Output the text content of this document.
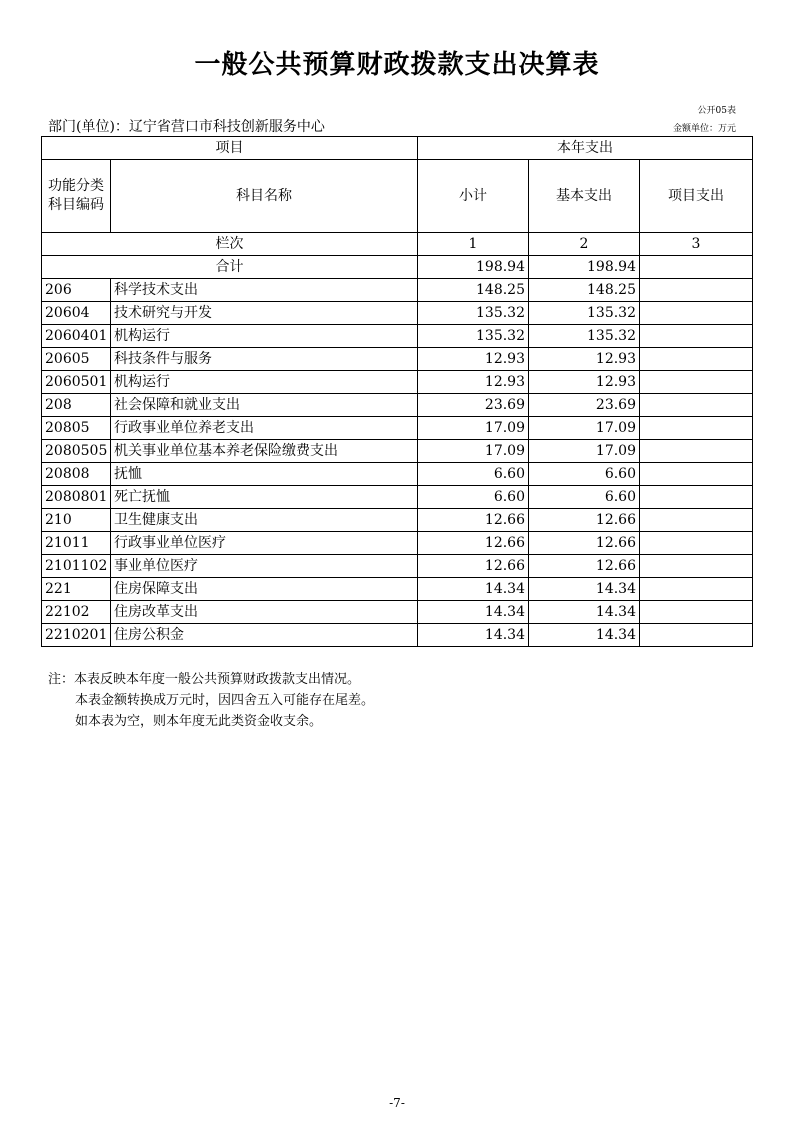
一般公共预算财政拨款支出决算表
公开05表
部门(单位)：辽宁省营口市科技创新服务中心	金额单位：万元
项目		本年支出		
功能分类科目编码	科目名称	小计	基本支出	项目支出
栏次		1	2	3
合计		198.94	198.94	
206	科学技术支出	148.25	148.25	
20604	技术研究与开发	135.32	135.32	
2060401	机构运行	135.32	135.32	
20605	科技条件与服务	12.93	12.93	
2060501	机构运行	12.93	12.93	
208	社会保障和就业支出	23.69	23.69	
20805	行政事业单位养老支出	17.09	17.09	
2080505	机关事业单位基本养老保险缴费支出	17.09	17.09	
20808	抚恤	6.60	6.60	
2080801	死亡抚恤	6.60	6.60	
210	卫生健康支出	12.66	12.66	
21011	行政事业单位医疗	12.66	12.66	
2101102	事业单位医疗	12.66	12.66	
221	住房保障支出	14.34	14.34	
22102	住房改革支出	14.34	14.34	
2210201	住房公积金	14.34	14.34	
注：本表反映本年度一般公共预算财政拨款支出情况。
本表金额转换成万元时，因四舍五入可能存在尾差。
如本表为空，则本年度无此类资金收支余。
-7-
